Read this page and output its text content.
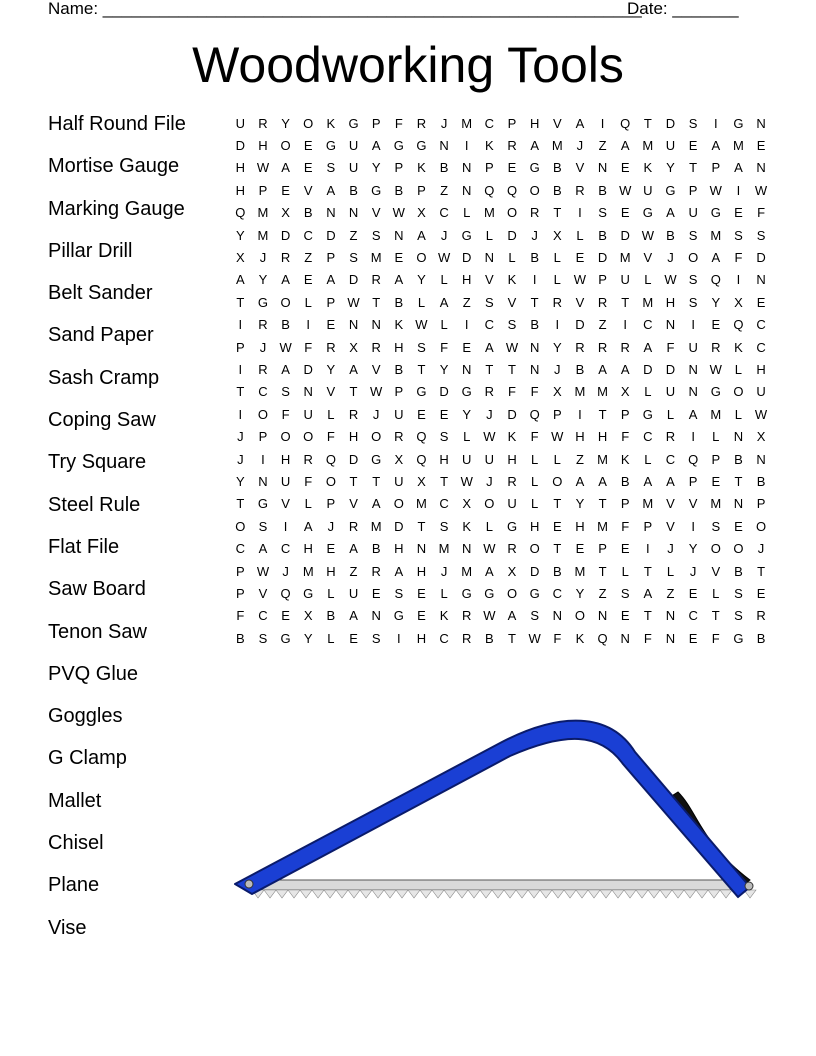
Name: _________________________________________________________
Date: _______
Woodworking Tools
Half Round File
Mortise Gauge
Marking Gauge
Pillar Drill
Belt Sander
Sand Paper
Sash Cramp
Coping Saw
Try Square
Steel Rule
Flat File
Saw Board
Tenon Saw
PVQ Glue
Goggles
G Clamp
Mallet
Chisel
Plane
Vise
U	R	Y	O	K	G	P	F	R	J	M	C	P	H	V	A	I	Q	T	D	S	I	G	N
D	H	O	E	G	U	A	G	G	N	I	K	R	A	M	J	Z	A	M	U	E	A	M	E
H	W	A	E	S	U	Y	P	K	B	N	P	E	G	B	V	N	E	K	Y	T	P	A	N
H	P	E	V	A	B	G	B	P	Z	N	Q	Q	O	B	R	B	W	U	G	P	W	I	W
Q	M	X	B	N	N	V	W	X	C	L	M	O	R	T	I	S	E	G	A	U	G	E	F
Y	M	D	C	D	Z	S	N	A	J	G	L	D	J	X	L	B	D	W	B	S	M	S	S
X	J	R	Z	P	S	M	E	O	W	D	N	L	B	L	E	D	M	V	J	O	A	F	D
A	Y	A	E	A	D	R	A	Y	L	H	V	K	I	L	W	P	U	L	W	S	Q	I	N
T	G	O	L	P	W	T	B	L	A	Z	S	V	T	R	V	R	T	M	H	S	Y	X	E
I	R	B	I	E	N	N	K	W	L	I	C	S	B	I	D	Z	I	C	N	I	E	Q	C
P	J	W	F	R	X	R	H	S	F	E	A	W	N	Y	R	R	R	A	F	U	R	K	C
I	R	A	D	Y	A	V	B	T	Y	N	T	T	N	J	B	A	A	D	D	N	W	L	H
T	C	S	N	V	T	W	P	G	D	G	R	F	F	X	M	M	X	L	U	N	G	O	U
I	O	F	U	L	R	J	U	E	E	Y	J	D	Q	P	I	T	P	G	L	A	M	L	W
J	P	O	O	F	H	O	R	Q	S	L	W	K	F	W	H	H	F	C	R	I	L	N	X
J	I	H	R	Q	D	G	X	Q	H	U	U	H	L	L	Z	M	K	L	C	Q	P	B	N
Y	N	U	F	O	T	T	U	X	T	W	J	R	L	O	A	A	B	A	A	P	E	T	B
T	G	V	L	P	V	A	O	M	C	X	O	U	L	T	Y	T	P	M	V	V	M	N	P
O	S	I	A	J	R	M	D	T	S	K	L	G	H	E	H	M	F	P	V	I	S	E	O
C	A	C	H	E	A	B	H	N	M	N	W	R	O	T	E	P	E	I	J	Y	O	O	J
P	W	J	M	H	Z	R	A	H	J	M	A	X	D	B	M	T	L	T	L	J	V	B	T
P	V	Q	G	L	U	E	S	E	L	G	G	O	G	C	Y	Z	S	A	Z	E	L	S	E
F	C	E	X	B	A	N	G	E	K	R	W	A	S	N	O	N	E	T	N	C	T	S	R
B	S	G	Y	L	E	S	I	H	C	R	B	T	W	F	K	Q	N	F	N	E	F	G	B
